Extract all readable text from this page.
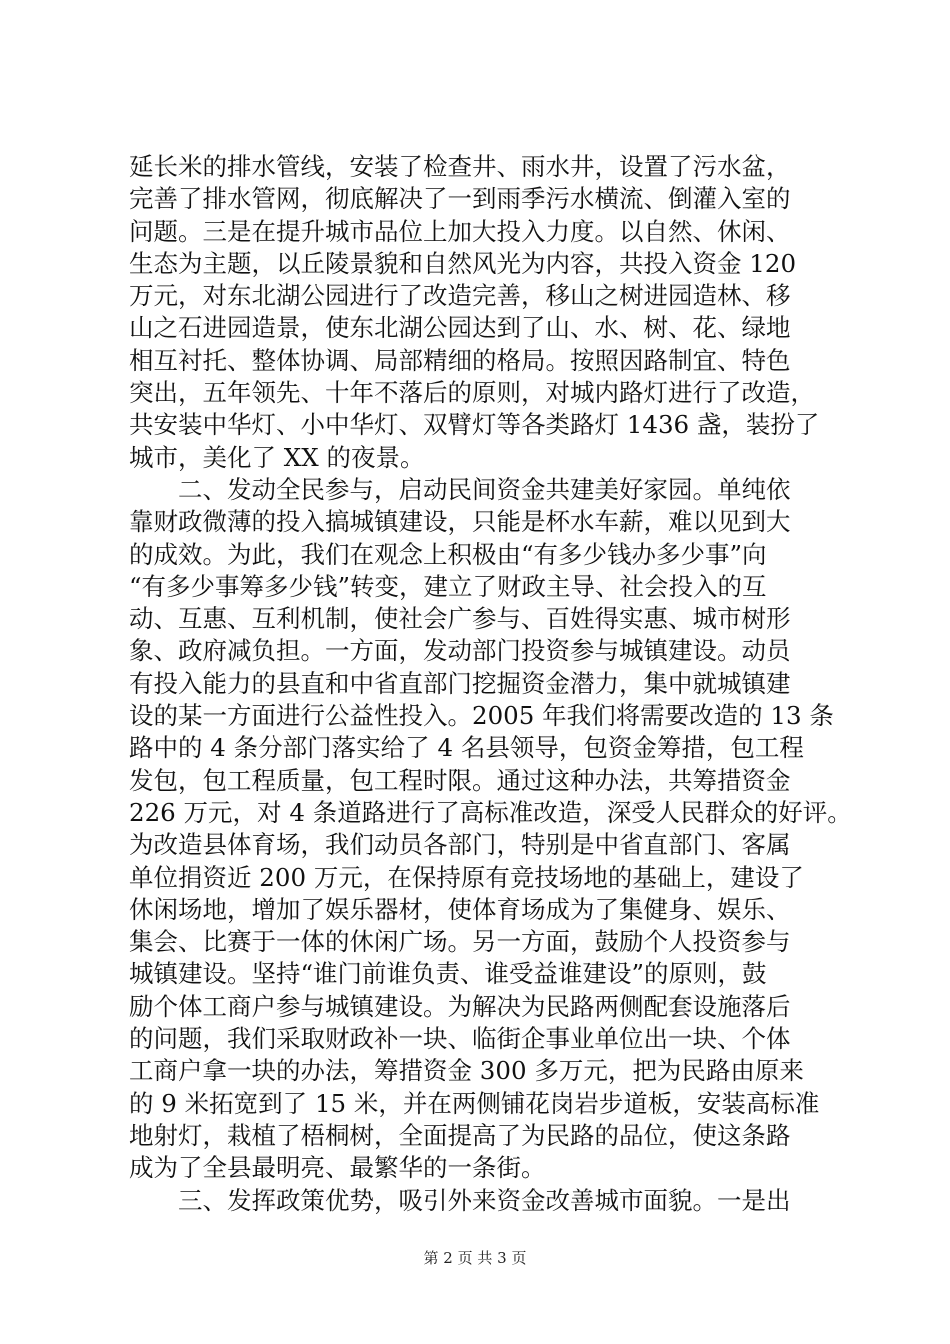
延长米的排水管线，安装了检查井、雨水井，设置了污水盆，
完善了排水管网，彻底解决了一到雨季污水横流、倒灌入室的
问题。三是在提升城市品位上加大投入力度。以自然、休闲、
生态为主题，以丘陵景貌和自然风光为内容，共投入资金 120
万元，对东北湖公园进行了改造完善，移山之树进园造林、移
山之石进园造景，使东北湖公园达到了山、水、树、花、绿地
相互衬托、整体协调、局部精细的格局。按照因路制宜、特色
突出，五年领先、十年不落后的原则，对城内路灯进行了改造，
共安装中华灯、小中华灯、双臂灯等各类路灯 1436 盏，装扮了
城市，美化了 XX 的夜景。
　　二、发动全民参与，启动民间资金共建美好家园。单纯依
靠财政微薄的投入搞城镇建设，只能是杯水车薪，难以见到大
的成效。为此，我们在观念上积极由“有多少钱办多少事”向
“有多少事筹多少钱”转变，建立了财政主导、社会投入的互
动、互惠、互利机制，使社会广参与、百姓得实惠、城市树形
象、政府减负担。一方面，发动部门投资参与城镇建设。动员
有投入能力的县直和中省直部门挖掘资金潜力，集中就城镇建
设的某一方面进行公益性投入。2005 年我们将需要改造的 13 条
路中的 4 条分部门落实给了 4 名县领导，包资金筹措，包工程
发包，包工程质量，包工程时限。通过这种办法，共筹措资金
226 万元，对 4 条道路进行了高标准改造，深受人民群众的好评。
为改造县体育场，我们动员各部门，特别是中省直部门、客属
单位捐资近 200 万元，在保持原有竞技场地的基础上，建设了
休闲场地，增加了娱乐器材，使体育场成为了集健身、娱乐、
集会、比赛于一体的休闲广场。另一方面，鼓励个人投资参与
城镇建设。坚持“谁门前谁负责、谁受益谁建设”的原则，鼓
励个体工商户参与城镇建设。为解决为民路两侧配套设施落后
的问题，我们采取财政补一块、临街企事业单位出一块、个体
工商户拿一块的办法，筹措资金 300 多万元，把为民路由原来
的 9 米拓宽到了 15 米，并在两侧铺花岗岩步道板，安装高标准
地射灯，栽植了梧桐树，全面提高了为民路的品位，使这条路
成为了全县最明亮、最繁华的一条街。
　　三、发挥政策优势，吸引外来资金改善城市面貌。一是出
第 2 页 共 3 页
